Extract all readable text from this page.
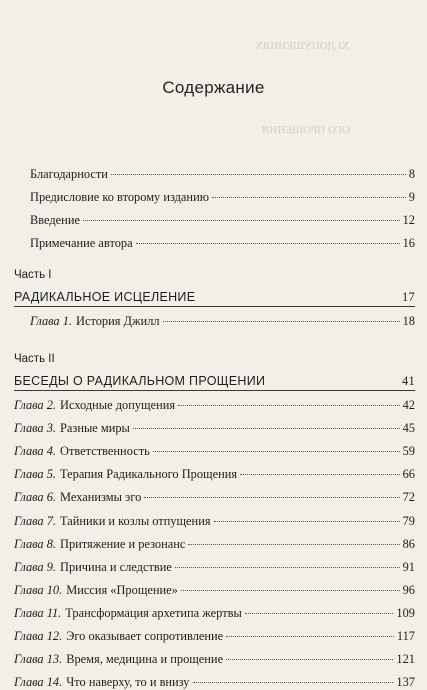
ХІ ДОПУЩЕНИЯХ
ОГО ПРОЩЕНИЯ
Содержание
Благодарности	8
Предисловие ко второму изданию	9
Введение	12
Примечание автора	16
Часть I
РАДИКАЛЬНОЕ ИСЦЕЛЕНИЕ	17
Глава 1. История Джилл	18
Часть II
БЕСЕДЫ О РАДИКАЛЬНОМ ПРОЩЕНИИ	41
Глава 2. Исходные допущения	42
Глава 3. Разные миры	45
Глава 4. Ответственность	59
Глава 5. Терапия Радикального Прощения	66
Глава 6. Механизмы эго	72
Глава 7. Тайники и козлы отпущения	79
Глава 8. Притяжение и резонанс	86
Глава 9. Причина и следствие	91
Глава 10. Миссия «Прощение»	96
Глава 11. Трансформация архетипа жертвы	109
Глава 12. Эго оказывает сопротивление	117
Глава 13. Время, медицина и прощение	121
Глава 14. Что наверху, то и внизу	137
